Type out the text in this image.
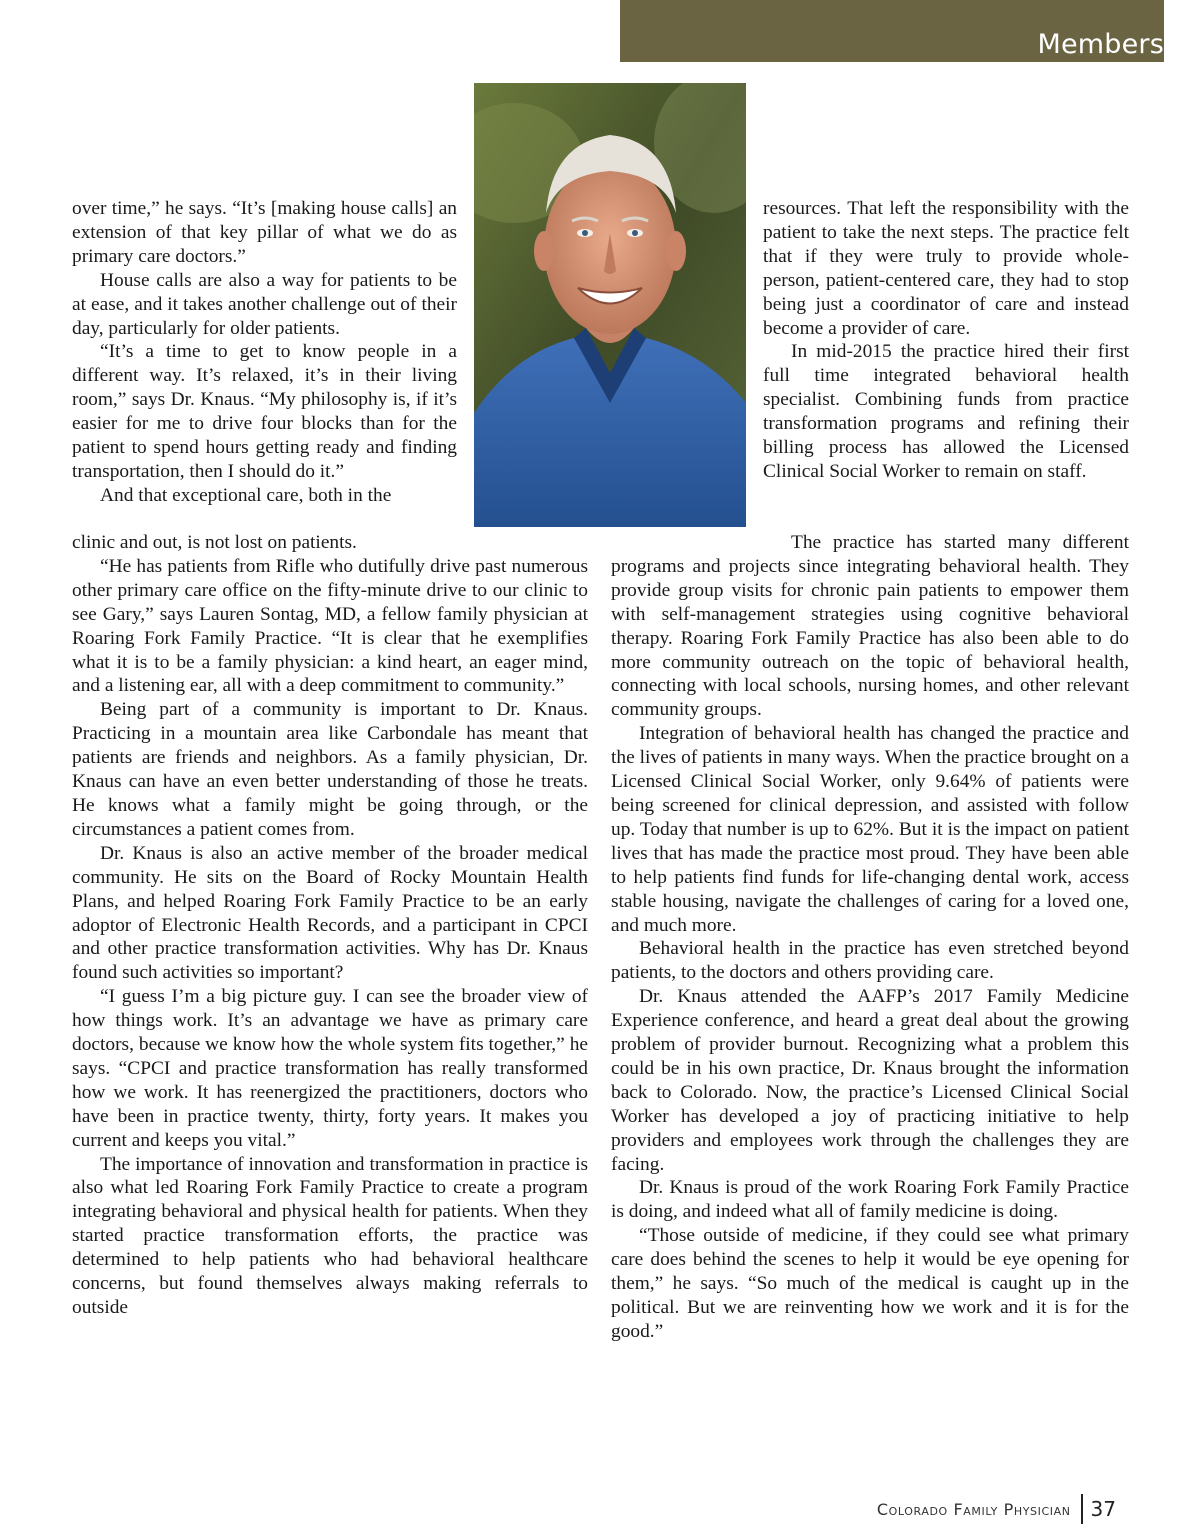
Members

over time,” he says. “It’s [making house calls] an extension of that key pillar of what we do as primary care doctors.”

House calls are also a way for patients to be at ease, and it takes another challenge out of their day, particularly for older patients.

“It’s a time to get to know people in a different way. It’s relaxed, it’s in their living room,” says Dr. Knaus. “My philosophy is, if it’s easier for me to drive four blocks than for the patient to spend hours getting ready and finding transportation, then I should do it.”

And that exceptional care, both in the

clinic and out, is not lost on patients.

“He has patients from Rifle who dutifully drive past numerous other primary care office on the fifty-minute drive to our clinic to see Gary,” says Lauren Sontag, MD, a fellow family physician at Roaring Fork Family Practice. “It is clear that he exemplifies what it is to be a family physician: a kind heart, an eager mind, and a listening ear, all with a deep commitment to community.”

Being part of a community is important to Dr. Knaus. Practicing in a mountain area like Carbondale has meant that patients are friends and neighbors. As a family physician, Dr. Knaus can have an even better understanding of those he treats. He knows what a family might be going through, or the circumstances a patient comes from.

Dr. Knaus is also an active member of the broader medical community. He sits on the Board of Rocky Mountain Health Plans, and helped Roaring Fork Family Practice to be an early adoptor of Electronic Health Records, and a participant in CPCI and other practice transformation activities. Why has Dr. Knaus found such activities so important?

“I guess I’m a big picture guy. I can see the broader view of how things work. It’s an advantage we have as primary care doctors, because we know how the whole system fits together,” he says. “CPCI and practice transformation has really transformed how we work. It has reenergized the practitioners, doctors who have been in practice twenty, thirty, forty years. It makes you current and keeps you vital.”

The importance of innovation and transformation in practice is also what led Roaring Fork Family Practice to create a program integrating behavioral and physical health for patients. When they started practice transformation efforts, the practice was determined to help patients who had behavioral healthcare concerns, but found themselves always making referrals to outside

resources. That left the responsibility with the patient to take the next steps. The practice felt that if they were truly to provide whole-person, patient-centered care, they had to stop being just a coordinator of care and instead become a provider of care.

In mid-2015 the practice hired their first full time integrated behavioral health specialist. Combining funds from practice transformation programs and refining their billing process has allowed the Licensed Clinical Social Worker to remain on staff.

The practice has started many different programs and projects since integrating behavioral health. They provide group visits for chronic pain patients to empower them with self-management strategies using cognitive behavioral therapy. Roaring Fork Family Practice has also been able to do more community outreach on the topic of behavioral health, connecting with local schools, nursing homes, and other relevant community groups.

Integration of behavioral health has changed the practice and the lives of patients in many ways. When the practice brought on a Licensed Clinical Social Worker, only 9.64% of patients were being screened for clinical depression, and assisted with follow up. Today that number is up to 62%. But it is the impact on patient lives that has made the practice most proud. They have been able to help patients find funds for life-changing dental work, access stable housing, navigate the challenges of caring for a loved one, and much more.

Behavioral health in the practice has even stretched beyond patients, to the doctors and others providing care.

Dr. Knaus attended the AAFP’s 2017 Family Medicine Experience conference, and heard a great deal about the growing problem of provider burnout. Recognizing what a problem this could be in his own practice, Dr. Knaus brought the information back to Colorado. Now, the practice’s Licensed Clinical Social Worker has developed a joy of practicing initiative to help providers and employees work through the challenges they are facing.

Dr. Knaus is proud of the work Roaring Fork Family Practice is doing, and indeed what all of family medicine is doing.

“Those outside of medicine, if they could see what primary care does behind the scenes to help it would be eye opening for them,” he says. “So much of the medical is caught up in the political. But we are reinventing how we work and it is for the good.”

Colorado Family Physician	37
